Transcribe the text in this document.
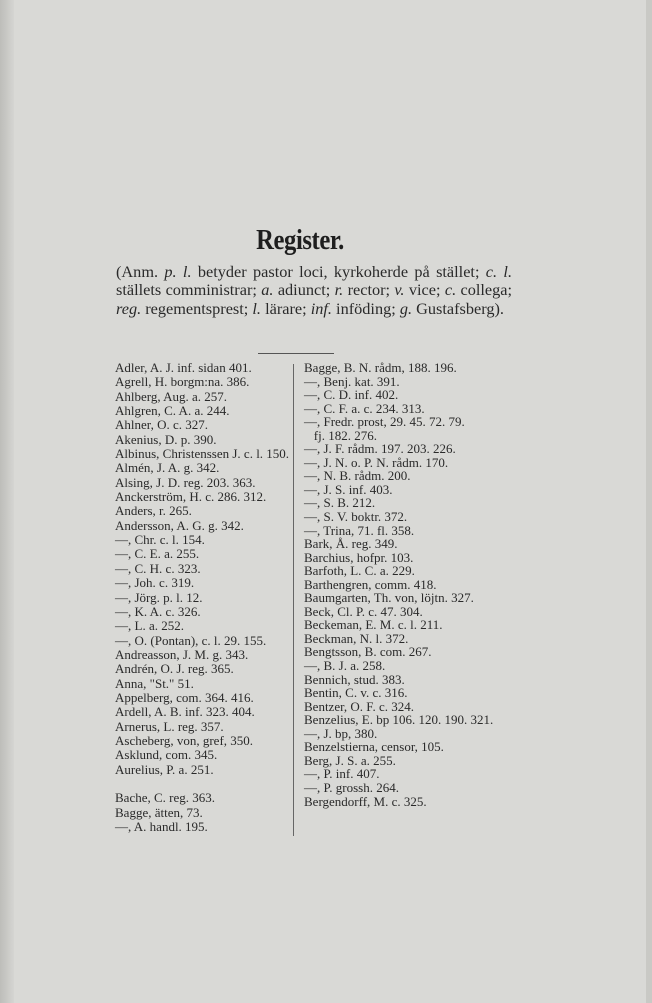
Register.
(Anm. p. l. betyder pastor loci, kyrkoherde på stället; c. l. ställets comministrar; a. adiunct; r. rector; v. vice; c. collega; reg. regementsprest; l. lärare; inf. inföding; g. Gustafsberg).
Adler, A. J. inf. sidan 401.
Agrell, H. borgm:na. 386.
Ahlberg, Aug. a. 257.
Ahlgren, C. A. a. 244.
Ahlner, O. c. 327.
Akenius, D. p. 390.
Albinus, Christenssen J. c. l. 150.
Almén, J. A. g. 342.
Alsing, J. D. reg. 203. 363.
Anckerström, H. c. 286. 312.
Anders, r. 265.
Andersson, A. G. g. 342.
—, Chr. c. l. 154.
—, C. E. a. 255.
—, C. H. c. 323.
—, Joh. c. 319.
—, Jörg. p. l. 12.
—, K. A. c. 326.
—, L. a. 252.
—, O. (Pontan), c. l. 29. 155.
Andreasson, J. M. g. 343.
Andrén, O. J. reg. 365.
Anna, "St." 51.
Appelberg, com. 364. 416.
Ardell, A. B. inf. 323. 404.
Arnerus, L. reg. 357.
Ascheberg, von, gref, 350.
Asklund, com. 345.
Aurelius, P. a. 251.
Bache, C. reg. 363.
Bagge, ätten, 73.
—, A. handl. 195.
Bagge, B. N. rådm, 188. 196.
—, Benj. kat. 391.
—, C. D. inf. 402.
—, C. F. a. c. 234. 313.
—, Fredr. prost, 29. 45. 72. 79.
fj. 182. 276.
—, J. F. rådm. 197. 203. 226.
—, J. N. o. P. N. rådm. 170.
—, N. B. rådm. 200.
—, J. S. inf. 403.
—, S. B. 212.
—, S. V. boktr. 372.
—, Trina, 71. fl. 358.
Bark, Å. reg. 349.
Barchius, hofpr. 103.
Barfoth, L. C. a. 229.
Barthengren, comm. 418.
Baumgarten, Th. von, löjtn. 327.
Beck, Cl. P. c. 47. 304.
Beckeman, E. M. c. l. 211.
Beckman, N. l. 372.
Bengtsson, B. com. 267.
—, B. J. a. 258.
Bennich, stud. 383.
Bentin, C. v. c. 316.
Bentzer, O. F. c. 324.
Benzelius, E. bp 106. 120. 190. 321.
—, J. bp, 380.
Benzelstierna, censor, 105.
Berg, J. S. a. 255.
—, P. inf. 407.
—, P. grossh. 264.
Bergendorff, M. c. 325.
